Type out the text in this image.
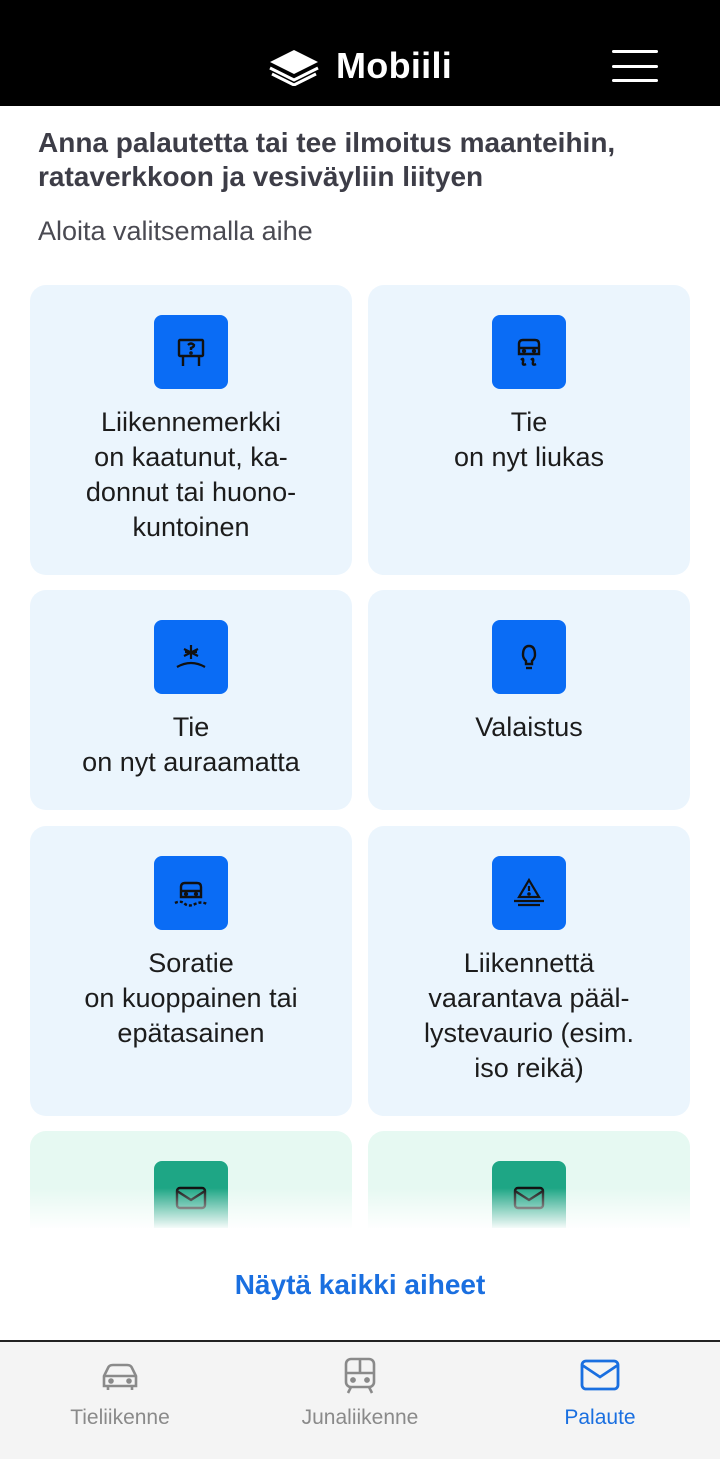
Mobiili
Anna palautetta tai tee ilmoitus maanteihin, rataverkkoon ja vesiväyliin liityen
Aloita valitsemalla aihe
Liikennemerkki
on kaatunut, ka-
donnut tai huono-
kuntoinen
Tie
on nyt liukas
Tie
on nyt auraamatta
Valaistus
Soratie
on kuoppainen tai
epätasainen
Liikennettä
vaarantava pääl-
lystevaurio (esim.
iso reikä)
Näytä kaikki aiheet
Tieliikenne	Junaliikenne	Palaute
